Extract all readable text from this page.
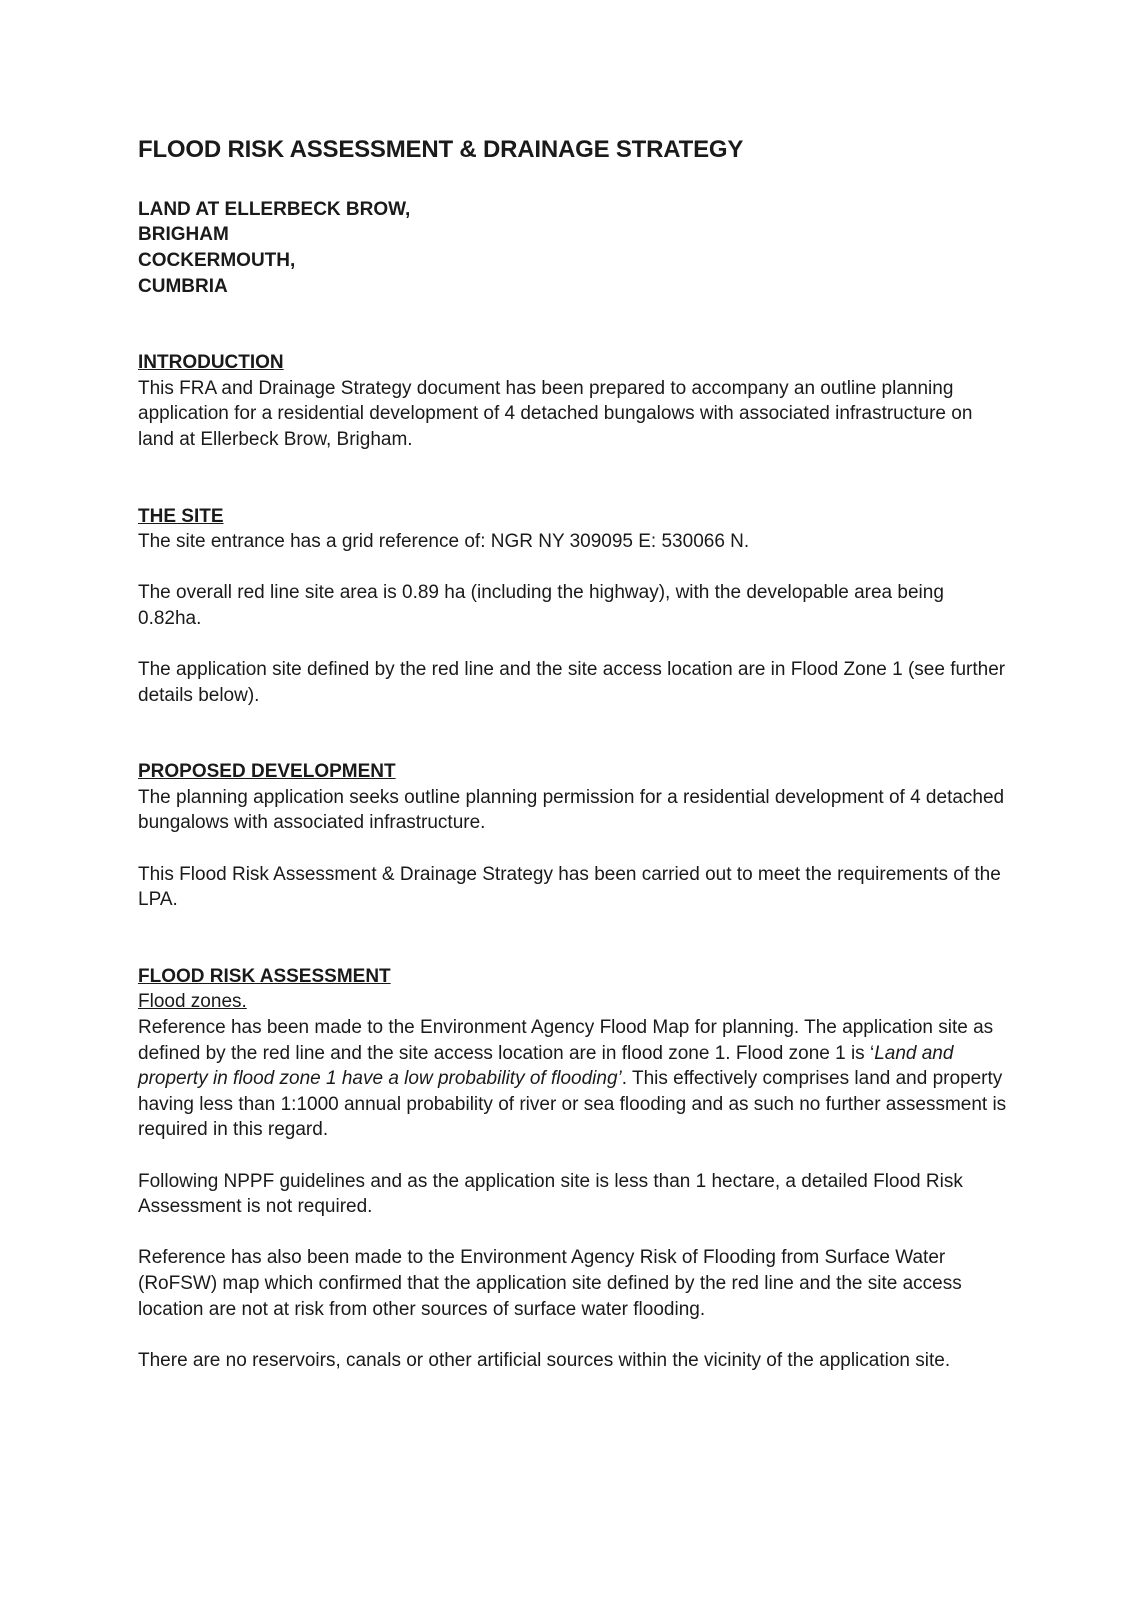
FLOOD RISK ASSESSMENT & DRAINAGE STRATEGY
LAND AT ELLERBECK BROW,
BRIGHAM
COCKERMOUTH,
CUMBRIA
INTRODUCTION

This FRA and Drainage Strategy document has been prepared to accompany an outline planning application for a residential development of 4 detached bungalows with associated infrastructure on land at Ellerbeck Brow, Brigham.

THE SITE

The site entrance has a grid reference of: NGR NY 309095 E: 530066 N.

The overall red line site area is 0.89 ha (including the highway), with the developable area being 0.82ha.

The application site defined by the red line and the site access location are in Flood Zone 1 (see further details below).

PROPOSED DEVELOPMENT

The planning application seeks outline planning permission for a residential development of 4 detached bungalows with associated infrastructure.

This Flood Risk Assessment & Drainage Strategy has been carried out to meet the requirements of the LPA.

FLOOD RISK ASSESSMENT
Flood zones.

Reference has been made to the Environment Agency Flood Map for planning. The application site as defined by the red line and the site access location are in flood zone 1. Flood zone 1 is ‘Land and property in flood zone 1 have a low probability of flooding’. This effectively comprises land and property having less than 1:1000 annual probability of river or sea flooding and as such no further assessment is required in this regard.

Following NPPF guidelines and as the application site is less than 1 hectare, a detailed Flood Risk Assessment is not required.

Reference has also been made to the Environment Agency Risk of Flooding from Surface Water (RoFSW) map which confirmed that the application site defined by the red line and the site access location are not at risk from other sources of surface water flooding.

There are no reservoirs, canals or other artificial sources within the vicinity of the application site.
